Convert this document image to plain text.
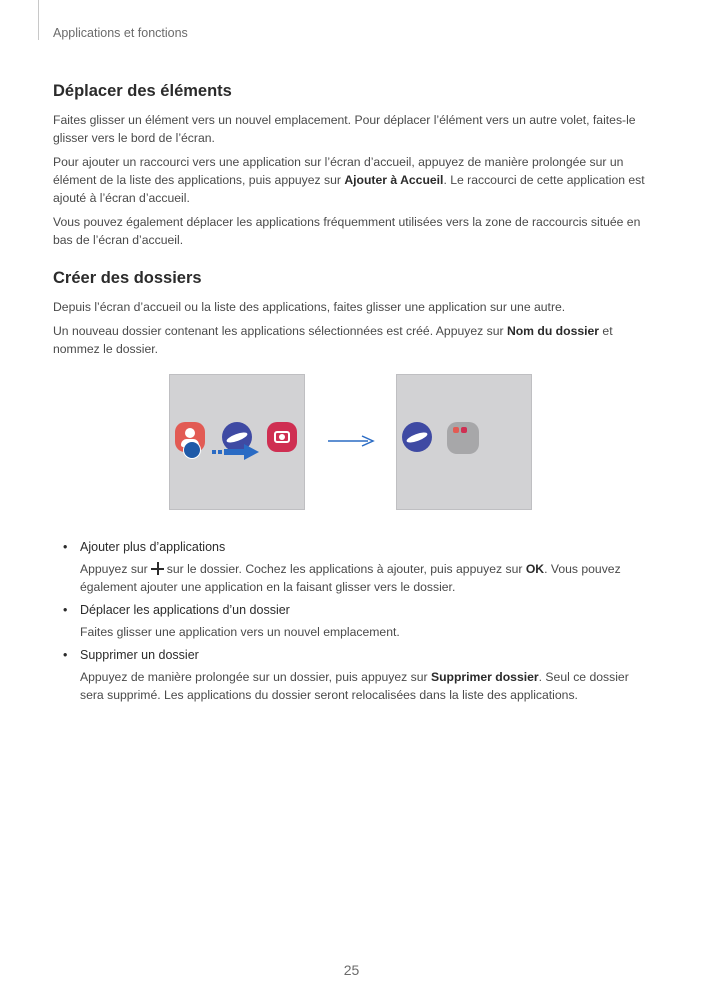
Applications et fonctions
Déplacer des éléments

Faites glisser un élément vers un nouvel emplacement. Pour déplacer l’élément vers un autre volet, faites-le glisser vers le bord de l’écran.

Pour ajouter un raccourci vers une application sur l’écran d’accueil, appuyez de manière prolongée sur un élément de la liste des applications, puis appuyez sur Ajouter à Accueil. Le raccourci de cette application est ajouté à l’écran d’accueil.

Vous pouvez également déplacer les applications fréquemment utilisées vers la zone de raccourcis située en bas de l’écran d’accueil.

Créer des dossiers

Depuis l’écran d’accueil ou la liste des applications, faites glisser une application sur une autre.

Un nouveau dossier contenant les applications sélectionnées est créé. Appuyez sur Nom du dossier et nommez le dossier.

• Ajouter plus d’applications
Appuyez sur sur le dossier. Cochez les applications à ajouter, puis appuyez sur OK. Vous pouvez également ajouter une application en la faisant glisser vers le dossier.
• Déplacer les applications d’un dossier
Faites glisser une application vers un nouvel emplacement.
• Supprimer un dossier
Appuyez de manière prolongée sur un dossier, puis appuyez sur Supprimer dossier. Seul ce dossier sera supprimé. Les applications du dossier seront relocalisées dans la liste des applications.
25
